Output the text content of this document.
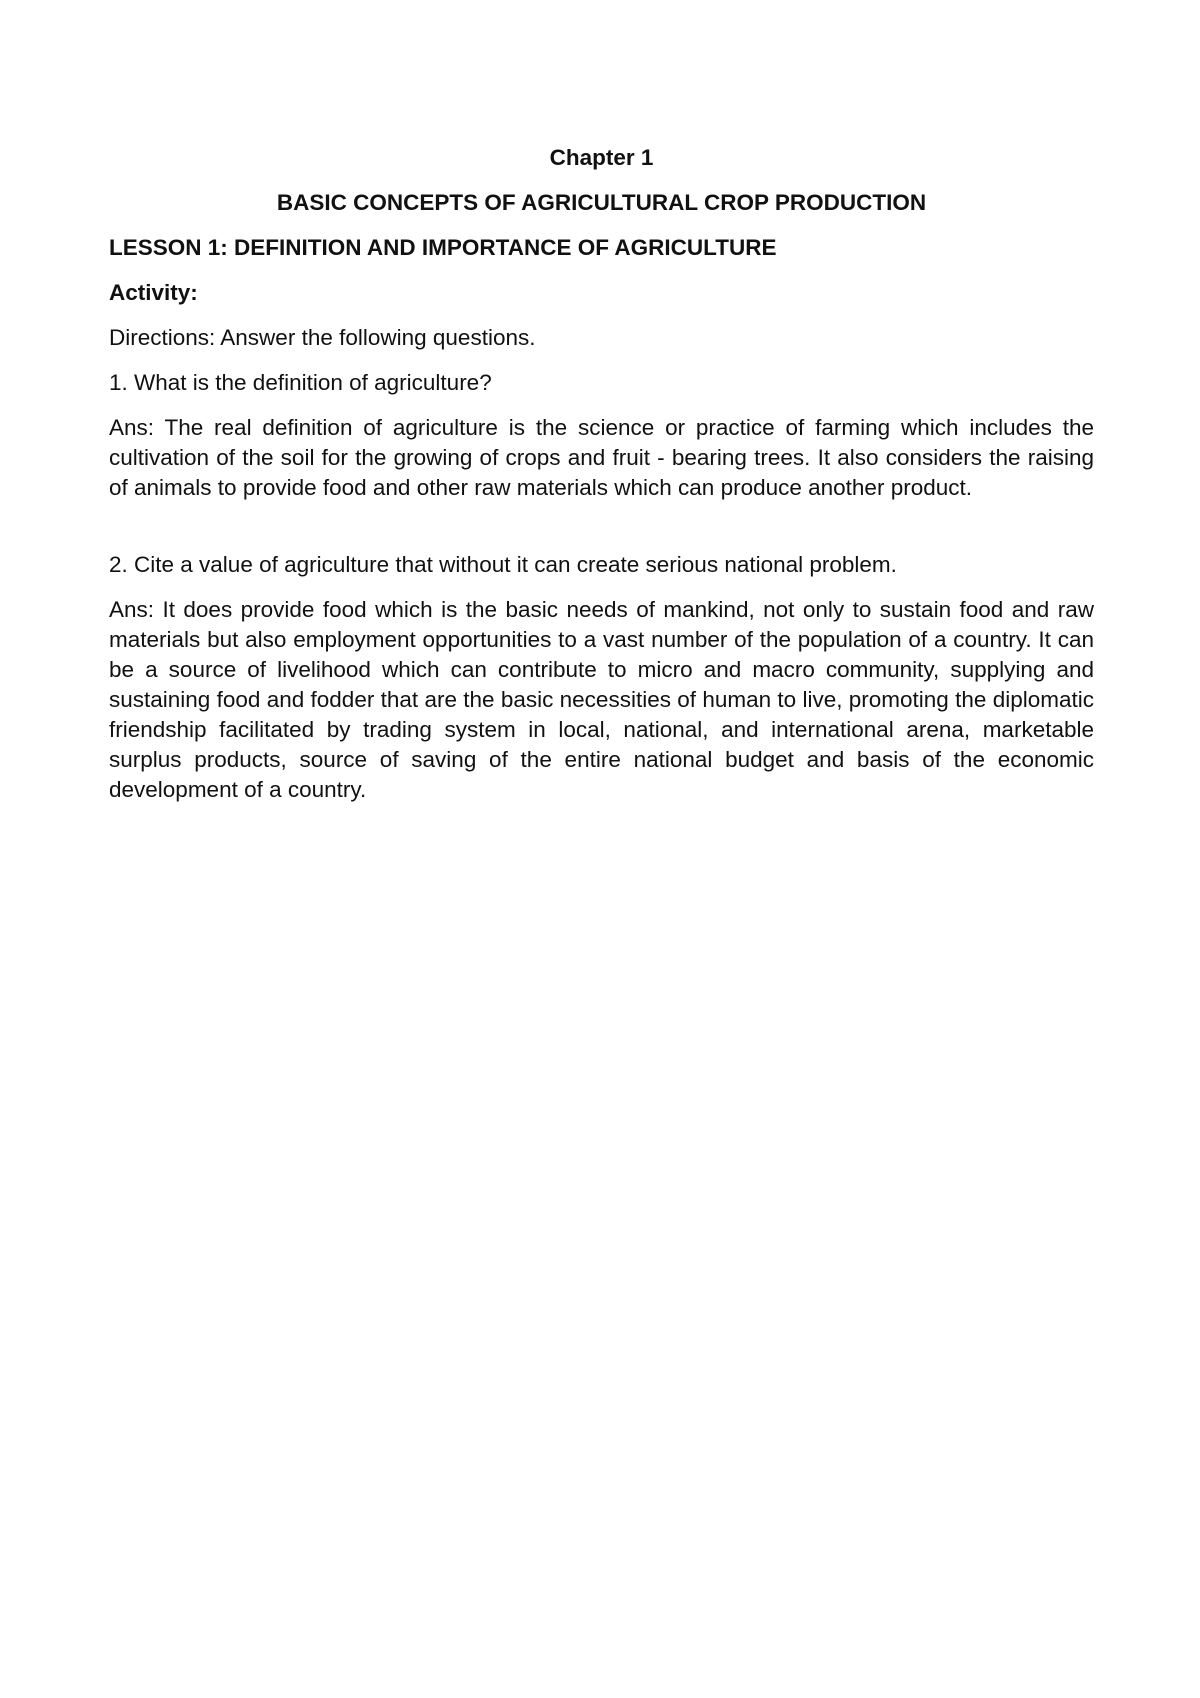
Chapter 1

BASIC CONCEPTS OF AGRICULTURAL CROP PRODUCTION

LESSON 1: DEFINITION AND IMPORTANCE OF AGRICULTURE

Activity:

Directions: Answer the following questions.

1. What is the definition of agriculture?

Ans: The real definition of agriculture is the science or practice of farming which includes the cultivation of the soil for the growing of crops and fruit - bearing trees. It also considers the raising of animals to provide food and other raw materials which can produce another product.

2. Cite a value of agriculture that without it can create serious national problem.

Ans: It does provide food which is the basic needs of mankind, not only to sustain food and raw materials but also employment opportunities to a vast number of the population of a country. It can be a source of livelihood which can contribute to micro and macro community, supplying and sustaining food and fodder that are the basic necessities of human to live, promoting the diplomatic friendship facilitated by trading system in local, national, and international arena, marketable surplus products, source of saving of the entire national budget and basis of the economic development of a country.
